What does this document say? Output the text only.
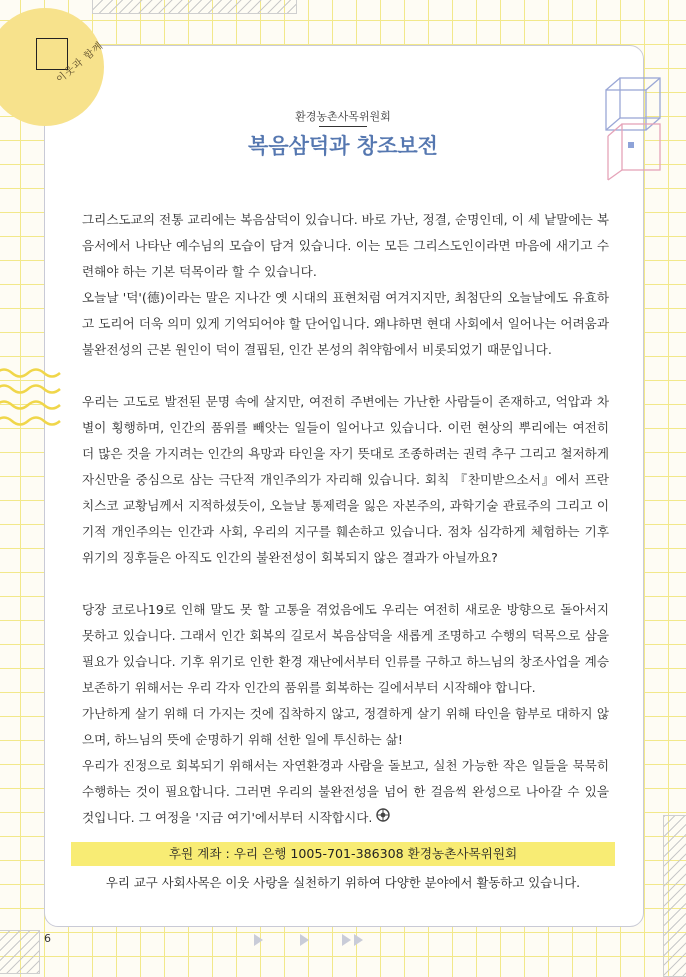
이웃과 함께
환경농촌사목위원회
복음삼덕과 창조보전

그리스도교의 전통 교리에는 복음삼덕이 있습니다. 바로 가난, 정결, 순명인데, 이 세 낱말에는 복음서에서 나타난 예수님의 모습이 담겨 있습니다. 이는 모든 그리스도인이라면 마음에 새기고 수련해야 하는 기본 덕목이라 할 수 있습니다.

오늘날 '덕'(德)이라는 말은 지나간 옛 시대의 표현처럼 여겨지지만, 최첨단의 오늘날에도 유효하고 도리어 더욱 의미 있게 기억되어야 할 단어입니다. 왜냐하면 현대 사회에서 일어나는 어려움과 불완전성의 근본 원인이 덕이 결핍된, 인간 본성의 취약함에서 비롯되었기 때문입니다.

우리는 고도로 발전된 문명 속에 살지만, 여전히 주변에는 가난한 사람들이 존재하고, 억압과 차별이 횡행하며, 인간의 품위를 빼앗는 일들이 일어나고 있습니다. 이런 현상의 뿌리에는 여전히 더 많은 것을 가지려는 인간의 욕망과 타인을 자기 뜻대로 조종하려는 권력 추구 그리고 철저하게 자신만을 중심으로 삼는 극단적 개인주의가 자리해 있습니다. 회칙 『찬미받으소서』에서 프란치스코 교황님께서 지적하셨듯이, 오늘날 통제력을 잃은 자본주의, 과학기술 관료주의 그리고 이기적 개인주의는 인간과 사회, 우리의 지구를 훼손하고 있습니다. 점차 심각하게 체험하는 기후 위기의 징후들은 아직도 인간의 불완전성이 회복되지 않은 결과가 아닐까요?

당장 코로나19로 인해 말도 못 할 고통을 겪었음에도 우리는 여전히 새로운 방향으로 돌아서지 못하고 있습니다. 그래서 인간 회복의 길로서 복음삼덕을 새롭게 조명하고 수행의 덕목으로 삼을 필요가 있습니다. 기후 위기로 인한 환경 재난에서부터 인류를 구하고 하느님의 창조사업을 계승 보존하기 위해서는 우리 각자 인간의 품위를 회복하는 길에서부터 시작해야 합니다.

가난하게 살기 위해 더 가지는 것에 집착하지 않고, 정결하게 살기 위해 타인을 함부로 대하지 않으며, 하느님의 뜻에 순명하기 위해 선한 일에 투신하는 삶!

우리가 진정으로 회복되기 위해서는 자연환경과 사람을 돌보고, 실천 가능한 작은 일들을 묵묵히 수행하는 것이 필요합니다. 그러면 우리의 불완전성을 넘어 한 걸음씩 완성으로 나아갈 수 있을 것입니다. 그 여정을 '지금 여기'에서부터 시작합시다.

후원 계좌 : 우리 은행 1005-701-386308 환경농촌사목위원회
우리 교구 사회사목은 이웃 사랑을 실천하기 위하여 다양한 분야에서 활동하고 있습니다.
6
